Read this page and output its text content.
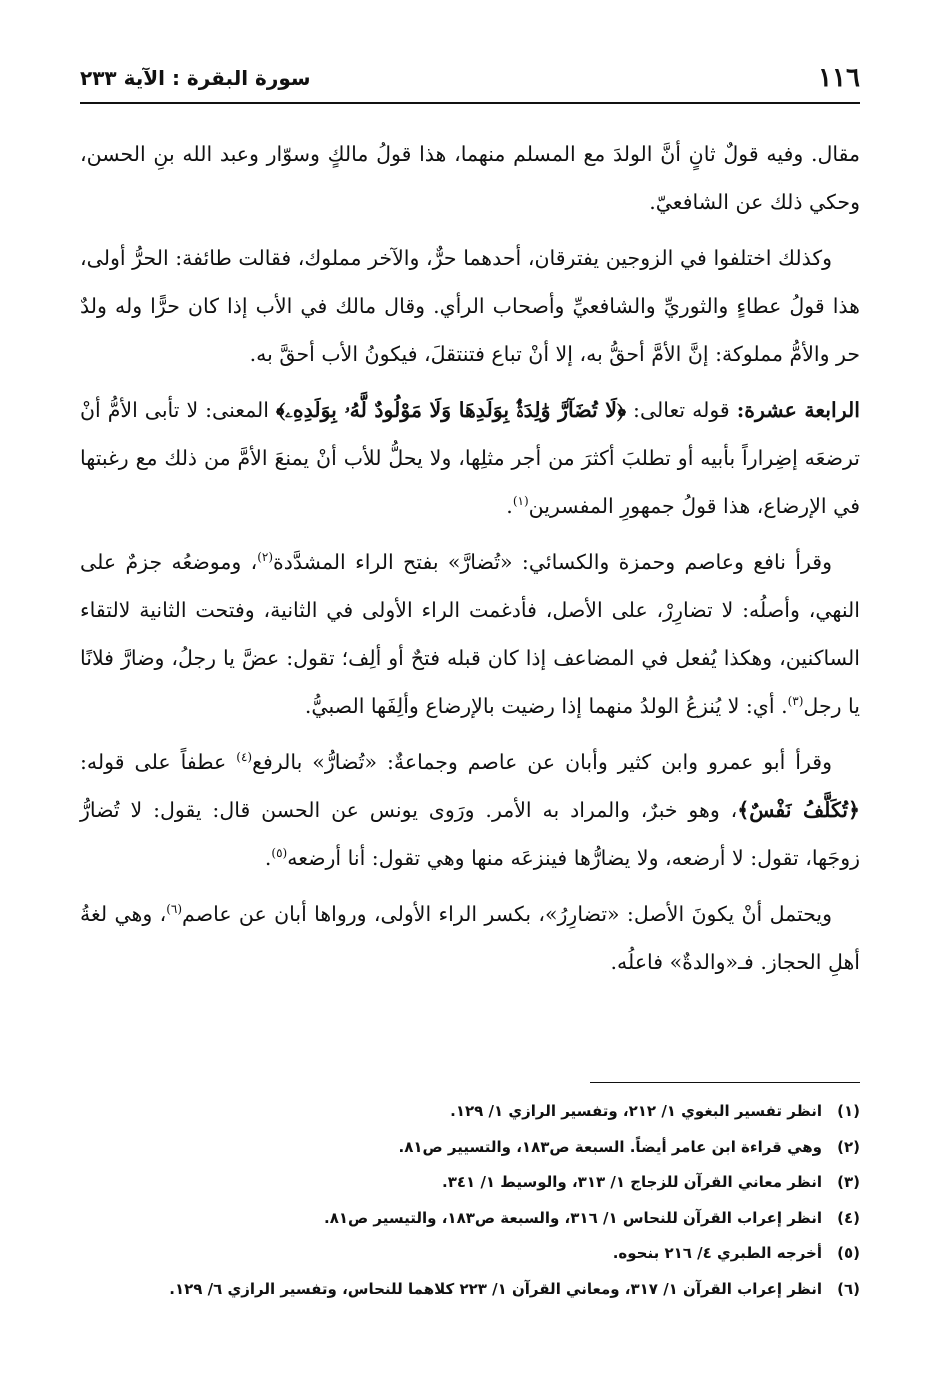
١١٦
سورة البقرة : الآية ٢٣٣

مقال. وفيه قولٌ ثانٍ أنَّ الولدَ مع المسلم منهما، هذا قولُ مالكٍ وسوّار وعبد الله بنِ الحسن، وحكي ذلك عن الشافعيّ.

وكذلك اختلفوا في الزوجين يفترقان، أحدهما حرٌّ، والآخر مملوك، فقالت طائفة: الحرُّ أولى، هذا قولُ عطاءٍ والثوريِّ والشافعيِّ وأصحاب الرأي. وقال مالك في الأب إذا كان حرًّا وله ولدٌ حر والأمُّ مملوكة: إنَّ الأمَّ أحقُّ به، إلا أنْ تباع فتنتقلَ، فيكونُ الأب أحقَّ به.

الرابعة عشرة: قوله تعالى: ﴿لَا تُضَآرَّ وَٰلِدَةٌۢ بِوَلَدِهَا وَلَا مَوْلُودٌ لَّهُۥ بِوَلَدِهِۦ﴾ المعنى: لا تأبى الأمُّ أنْ ترضعَه إضِراراً بأبيه أو تطلبَ أكثرَ من أجر مثلِها، ولا يحلُّ للأب أنْ يمنعَ الأمَّ من ذلك مع رغبتها في الإرضاع، هذا قولُ جمهورِ المفسرين$^{(١)}$.

وقرأ نافع وعاصم وحمزة والكسائي: «تُضارَّ» بفتح الراء المشدَّدة$^{(٢)}$، وموضعُه جزمٌ على النهي، وأصلُه: لا تضارِرْ، على الأصل، فأدغمت الراء الأولى في الثانية، وفتحت الثانية لالتقاء الساكنين، وهكذا يُفعل في المضاعف إذا كان قبله فتحٌ أو ألِف؛ تقول: عضَّ يا رجلُ، وضارَّ فلانًا يا رجل$^{(٣)}$. أي: لا يُنزعُ الولدُ منهما إذا رضيت بالإرضاع وألِفَها الصبيُّ.

وقرأ أبو عمرو وابن كثير وأبان عن عاصم وجماعةٌ: «تُضارُّ» بالرفع$^{(٤)}$ عطفاً على قوله: ﴿تُكَلَّفُ نَفْسٌ﴾، وهو خبرٌ، والمراد به الأمر. ورَوى يونس عن الحسن قال: يقول: لا تُضارُّ زوجَها، تقول: لا أرضعه، ولا يضارُّها فينزعَه منها وهي تقول: أنا أرضعه$^{(٥)}$.

ويحتمل أنْ يكونَ الأصل: «تضارِرُ»، بكسر الراء الأولى، ورواها أبان عن عاصم$^{(٦)}$، وهي لغةُ أهلِ الحجاز. فـ«والدةٌ» فاعلُه.

(١)
انظر تفسير البغوي ١/ ٢١٢، وتفسير الرازي ١/ ١٢٩.
(٢)
وهي قراءة ابن عامر أيضاً. السبعة ص١٨٣، والتسيير ص٨١.
(٣)
انظر معاني القرآن للزجاج ١/ ٣١٣، والوسيط ١/ ٣٤١.
(٤)
انظر إعراب القرآن للنحاس ١/ ٣١٦، والسبعة ص١٨٣، والتيسير ص٨١.
(٥)
أخرجه الطبري ٤/ ٢١٦ بنحوه.
(٦)
انظر إعراب القرآن ١/ ٣١٧، ومعاني القرآن ١/ ٢٢٣ كلاهما للنحاس، وتفسير الرازي ٦/ ١٢٩.
